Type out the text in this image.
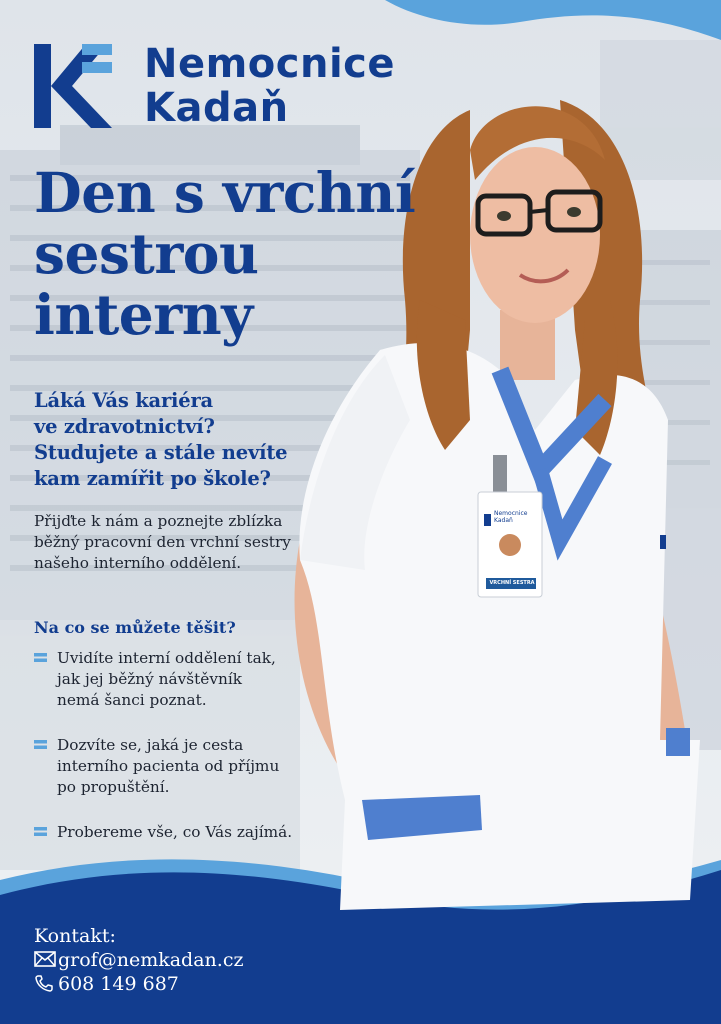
Nemocnice Kadaň
VRCHNÍ SESTRA
Nemocnice
Kadaň
Den s vrchní
sestrou
interny
Láká Vás kariéra
ve zdravotnictví?
Studujete a stále nevíte
kam zamířit po škole?
Přijďte k nám a poznejte zblízka
běžný pracovní den vrchní sestry
našeho interního oddělení.
Na co se můžete těšit?
Uvidíte interní oddělení tak,
jak jej běžný návštěvník
nemá šanci poznat.
Dozvíte se, jaká je cesta
interního pacienta od příjmu
po propuštění.
Probereme vše, co Vás zajímá.
Kontakt:
grof@nemkadan.cz
608 149 687
